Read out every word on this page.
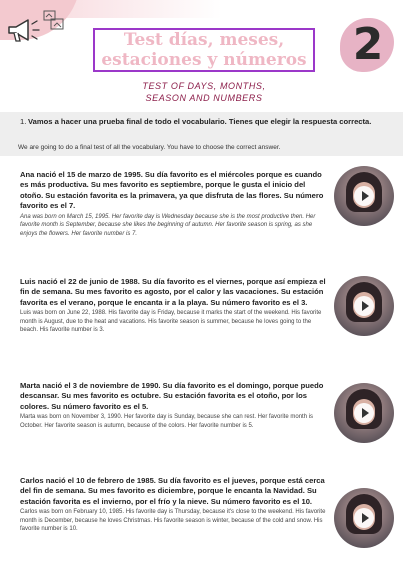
Test días, meses,
estaciones y números
TEST OF DAYS, MONTHS,
SEASON AND NUMBERS
2
1. Vamos a hacer una prueba final de todo el vocabulario. Tienes que elegir la respuesta correcta.
We are going to do a final test of all the vocabulary. You have to choose the correct answer.
Ana nació el 15 de marzo de 1995. Su día favorito es el miércoles porque es cuando es más productiva. Su mes favorito es septiembre, porque le gusta el inicio del otoño. Su estación favorita es la primavera, ya que disfruta de las flores. Su número favorito es el 7.
Ana was born on March 15, 1995. Her favorite day is Wednesday because she is the most productive then. Her favorite month is September, because she likes the beginning of autumn. Her favorite season is spring, as she enjoys the flowers. Her favorite number is 7.
Luis nació el 22 de junio de 1988. Su día favorito es el viernes, porque así empieza el fin de semana. Su mes favorito es agosto, por el calor y las vacaciones. Su estación favorita es el verano, porque le encanta ir a la playa. Su número favorito es el 3.
Luis was born on June 22, 1988. His favorite day is Friday, because it marks the start of the weekend. His favorite month is August, due to the heat and vacations. His favorite season is summer, because he loves going to the beach. His favorite number is 3.
Marta nació el 3 de noviembre de 1990. Su día favorito es el domingo, porque puedo descansar. Su mes favorito es octubre. Su estación favorita es el otoño, por los colores. Su número favorito es el 5.
Marta was born on November 3, 1990. Her favorite day is Sunday, because she can rest. Her favorite month is October. Her favorite season is autumn, because of the colors. Her favorite number is 5.
Carlos nació el 10 de febrero de 1985. Su día favorito es el jueves, porque está cerca del fin de semana. Su mes favorito es diciembre, porque le encanta la Navidad. Su estación favorita es el invierno, por el frío y la nieve. Su número favorito es el 10.
Carlos was born on February 10, 1985. His favorite day is Thursday, because it's close to the weekend. His favorite month is December, because he loves Christmas. His favorite season is winter, because of the cold and snow. His favorite number is 10.
